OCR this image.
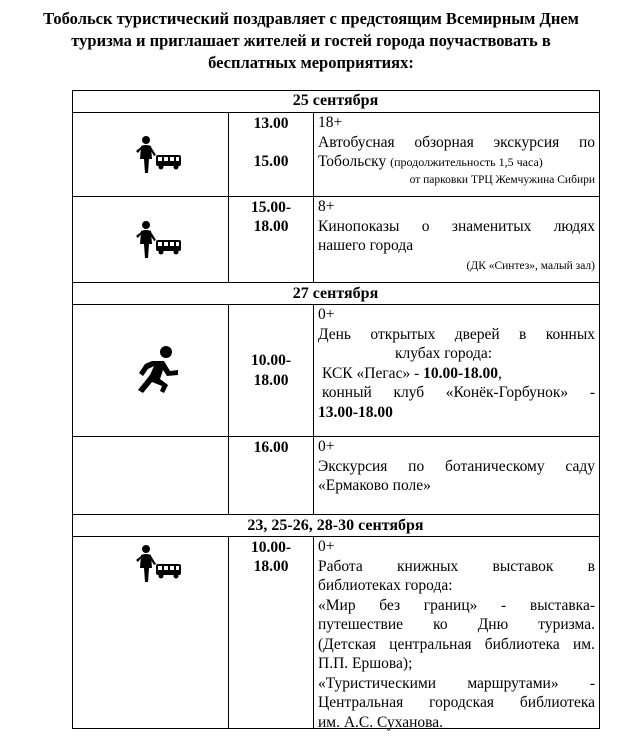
Тобольск туристический поздравляет с предстоящим Всемирным Днем
туризма и приглашает жителей и гостей города поучаствовать в
бесплатных мероприятиях:
25 сентября
13.00
15.00
18+
Автобусная обзорная экскурсия по
Тобольску (продолжительность 1,5 часа)
от парковки ТРЦ Жемчужина Сибири
15.00-
18.00
8+
Кинопоказы о знаменитых людях
нашего города
(ДК «Синтез», малый зал)
27 сентября
10.00-
18.00
0+
День открытых дверей в конных
клубах города:
КСК «Пегас» - 10.00-18.00,
конный клуб «Конёк-Горбунок» -
13.00-18.00
16.00	0+
Экскурсия по ботаническому саду
«Ермаково поле»
23, 25-26, 28-30 сентября
10.00-
18.00
0+
Работа книжных выставок в
библиотеках города:
«Мир без границ» - выставка-
путешествие ко Дню туризма.
(Детская центральная библиотека им.
П.П. Ершова);
«Туристическими маршрутами» -
Центральная городская библиотека
им. А.С. Суханова.
